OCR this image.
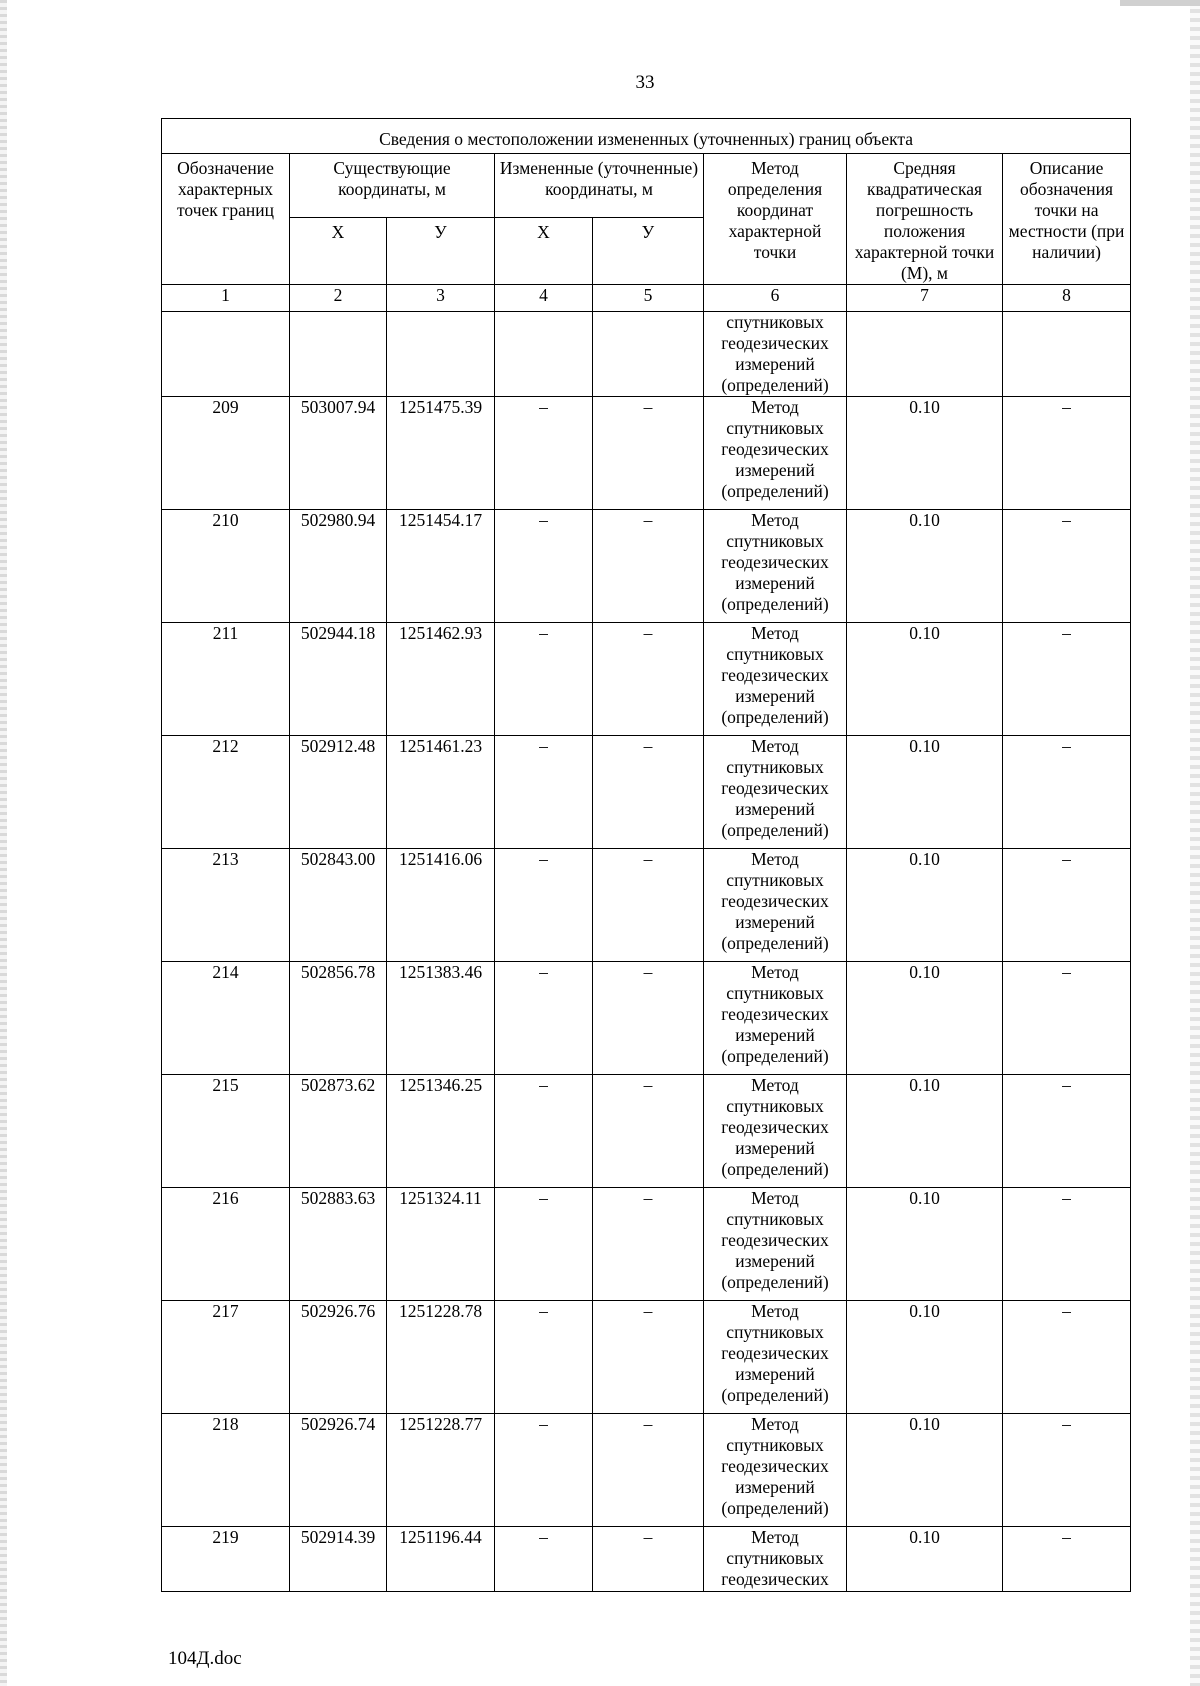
33
Сведения о местоположении измененных (уточненных) границ объекта							
Обозначение характерных точек границ	Существующие координаты, м		Измененные (уточненные) координаты, м		Метод определения координат характерной точки	Средняя квадратическая погрешность положения характерной точки (М), м	Описание обозначения точки на местности (при наличии)
	Х	У	Х	У			
1	2	3	4	5	6	7	8
					спутниковых
геодезических
измерений
(определений)		
209	503007.94	1251475.39	–	–	Метод
спутниковых
геодезических
измерений
(определений)	0.10	–
210	502980.94	1251454.17	–	–	Метод
спутниковых
геодезических
измерений
(определений)	0.10	–
211	502944.18	1251462.93	–	–	Метод
спутниковых
геодезических
измерений
(определений)	0.10	–
212	502912.48	1251461.23	–	–	Метод
спутниковых
геодезических
измерений
(определений)	0.10	–
213	502843.00	1251416.06	–	–	Метод
спутниковых
геодезических
измерений
(определений)	0.10	–
214	502856.78	1251383.46	–	–	Метод
спутниковых
геодезических
измерений
(определений)	0.10	–
215	502873.62	1251346.25	–	–	Метод
спутниковых
геодезических
измерений
(определений)	0.10	–
216	502883.63	1251324.11	–	–	Метод
спутниковых
геодезических
измерений
(определений)	0.10	–
217	502926.76	1251228.78	–	–	Метод
спутниковых
геодезических
измерений
(определений)	0.10	–
218	502926.74	1251228.77	–	–	Метод
спутниковых
геодезических
измерений
(определений)	0.10	–
219	502914.39	1251196.44	–	–	Метод
спутниковых
геодезических	0.10	–
104Д.doc
